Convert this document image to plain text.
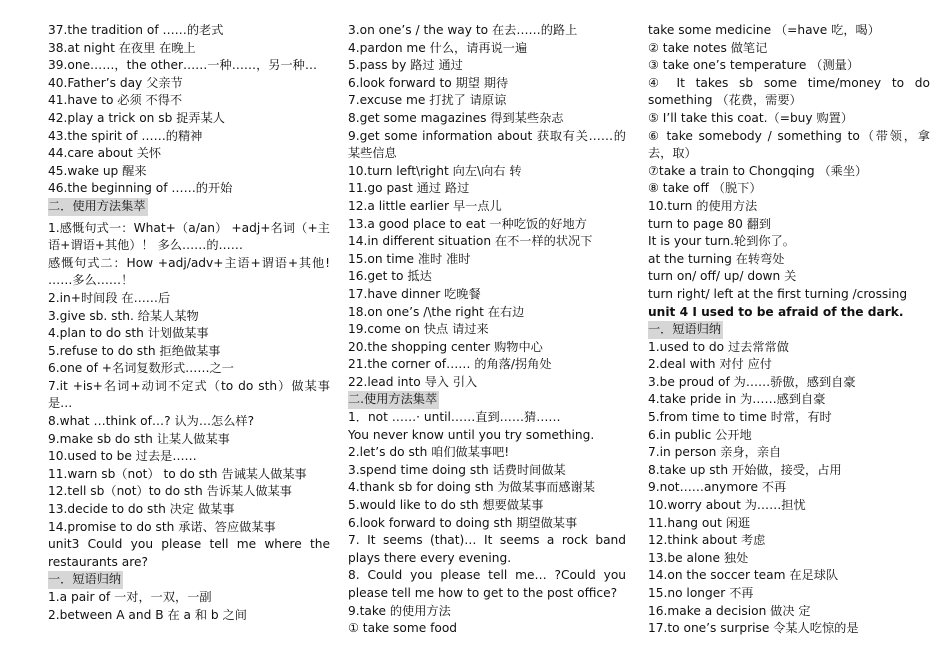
37.the tradition of ……的老式
38.at night 在夜里 在晚上
39.one……，the other……一种……，另一种…
40.Father’s day 父亲节
41.have to 必须 不得不
42.play a trick on sb 捉弄某人
43.the spirit of ……的精神
44.care about 关怀
45.wake up 醒来
46.the beginning of ……的开始
二．使用方法集萃
1.感慨句式一：What+（a/an） +adj+名词（+主语+谓语+其他）！ 多么……的……
感慨句式二：How +adj/adv+主语+谓语+其他! ……多么……！
2.in+时间段 在……后
3.give sb. sth. 给某人某物
4.plan to do sth 计划做某事
5.refuse to do sth 拒绝做某事
6.one of +名词复数形式……之一
7.it +is+名词+动词不定式（to do sth）做某事是…
8.what …think of…? 认为…怎么样?
9.make sb do sth 让某人做某事
10.used to be 过去是……
11.warn sb（not） to do sth 告诫某人做某事
12.tell sb（not）to do sth 告诉某人做某事
13.decide to do sth 决定 做某事
14.promise to do sth 承诺、答应做某事
unit3 Could you please tell me where the restaurants are?
一．短语归纳
1.a pair of 一对，一双，一副
2.between A and B 在 a 和 b 之间
3.on one’s / the way to 在去……的路上
4.pardon me 什么，请再说一遍
5.pass by 路过 通过
6.look forward to 期望 期待
7.excuse me 打扰了 请原谅
8.get some magazines 得到某些杂志
9.get some information about 获取有关……的某些信息
10.turn left\right 向左\向右 转
11.go past 通过 路过
12.a little earlier 早一点儿
13.a good place to eat 一种吃饭的好地方
14.in different situation 在不一样的状况下
15.on time 准时 准时
16.get to 抵达
17.have dinner 吃晚餐
18.on one’s /\the right 在右边
19.come on 快点 请过来
20.the shopping center 购物中心
21.the corner of…… 的角落/拐角处
22.lead into 导入 引入
二.使用方法集萃
1．not ……· until……直到……猜……
You never know until you try something.
2.let’s do sth 咱们做某事吧!
3.spend time doing sth 话费时间做某
4.thank sb for doing sth 为做某事而感谢某
5.would like to do sth 想要做某事
6.look forward to doing sth 期望做某事
7. It seems (that)… It seems a rock band plays there every evening.
8. Could you please tell me… ?Could you please tell me how to get to the post office?
9.take 的使用方法
① take some food
take some medicine （=have 吃，喝）
② take notes 做笔记
③ take one’s temperature （测量）
④ It takes sb some time/money to do something （花费，需要）
⑤ I’ll take this coat.（=buy 购置）
⑥ take somebody / something to（带领，拿去，取）
⑦take a train to Chongqing （乘坐）
⑧ take off （脱下）
10.turn 的使用方法
turn to page 80 翻到
It is your turn.轮到你了。
at the turning 在转弯处
turn on/ off/ up/ down 关
turn right/ left at the first turning /crossing
unit 4 I used to be afraid of the dark.
一．短语归纳
1.used to do 过去常常做
2.deal with 对付 应付
3.be proud of 为……骄傲，感到自豪
4.take pride in 为……感到自豪
5.from time to time 时常，有时
6.in public 公开地
7.in person 亲身，亲自
8.take up sth 开始做，接受，占用
9.not……anymore 不再
10.worry about 为……担忧
11.hang out 闲逛
12.think about 考虑
13.be alone 独处
14.on the soccer team 在足球队
15.no longer 不再
16.make a decision 做决 定
17.to one’s surprise 令某人吃惊的是
